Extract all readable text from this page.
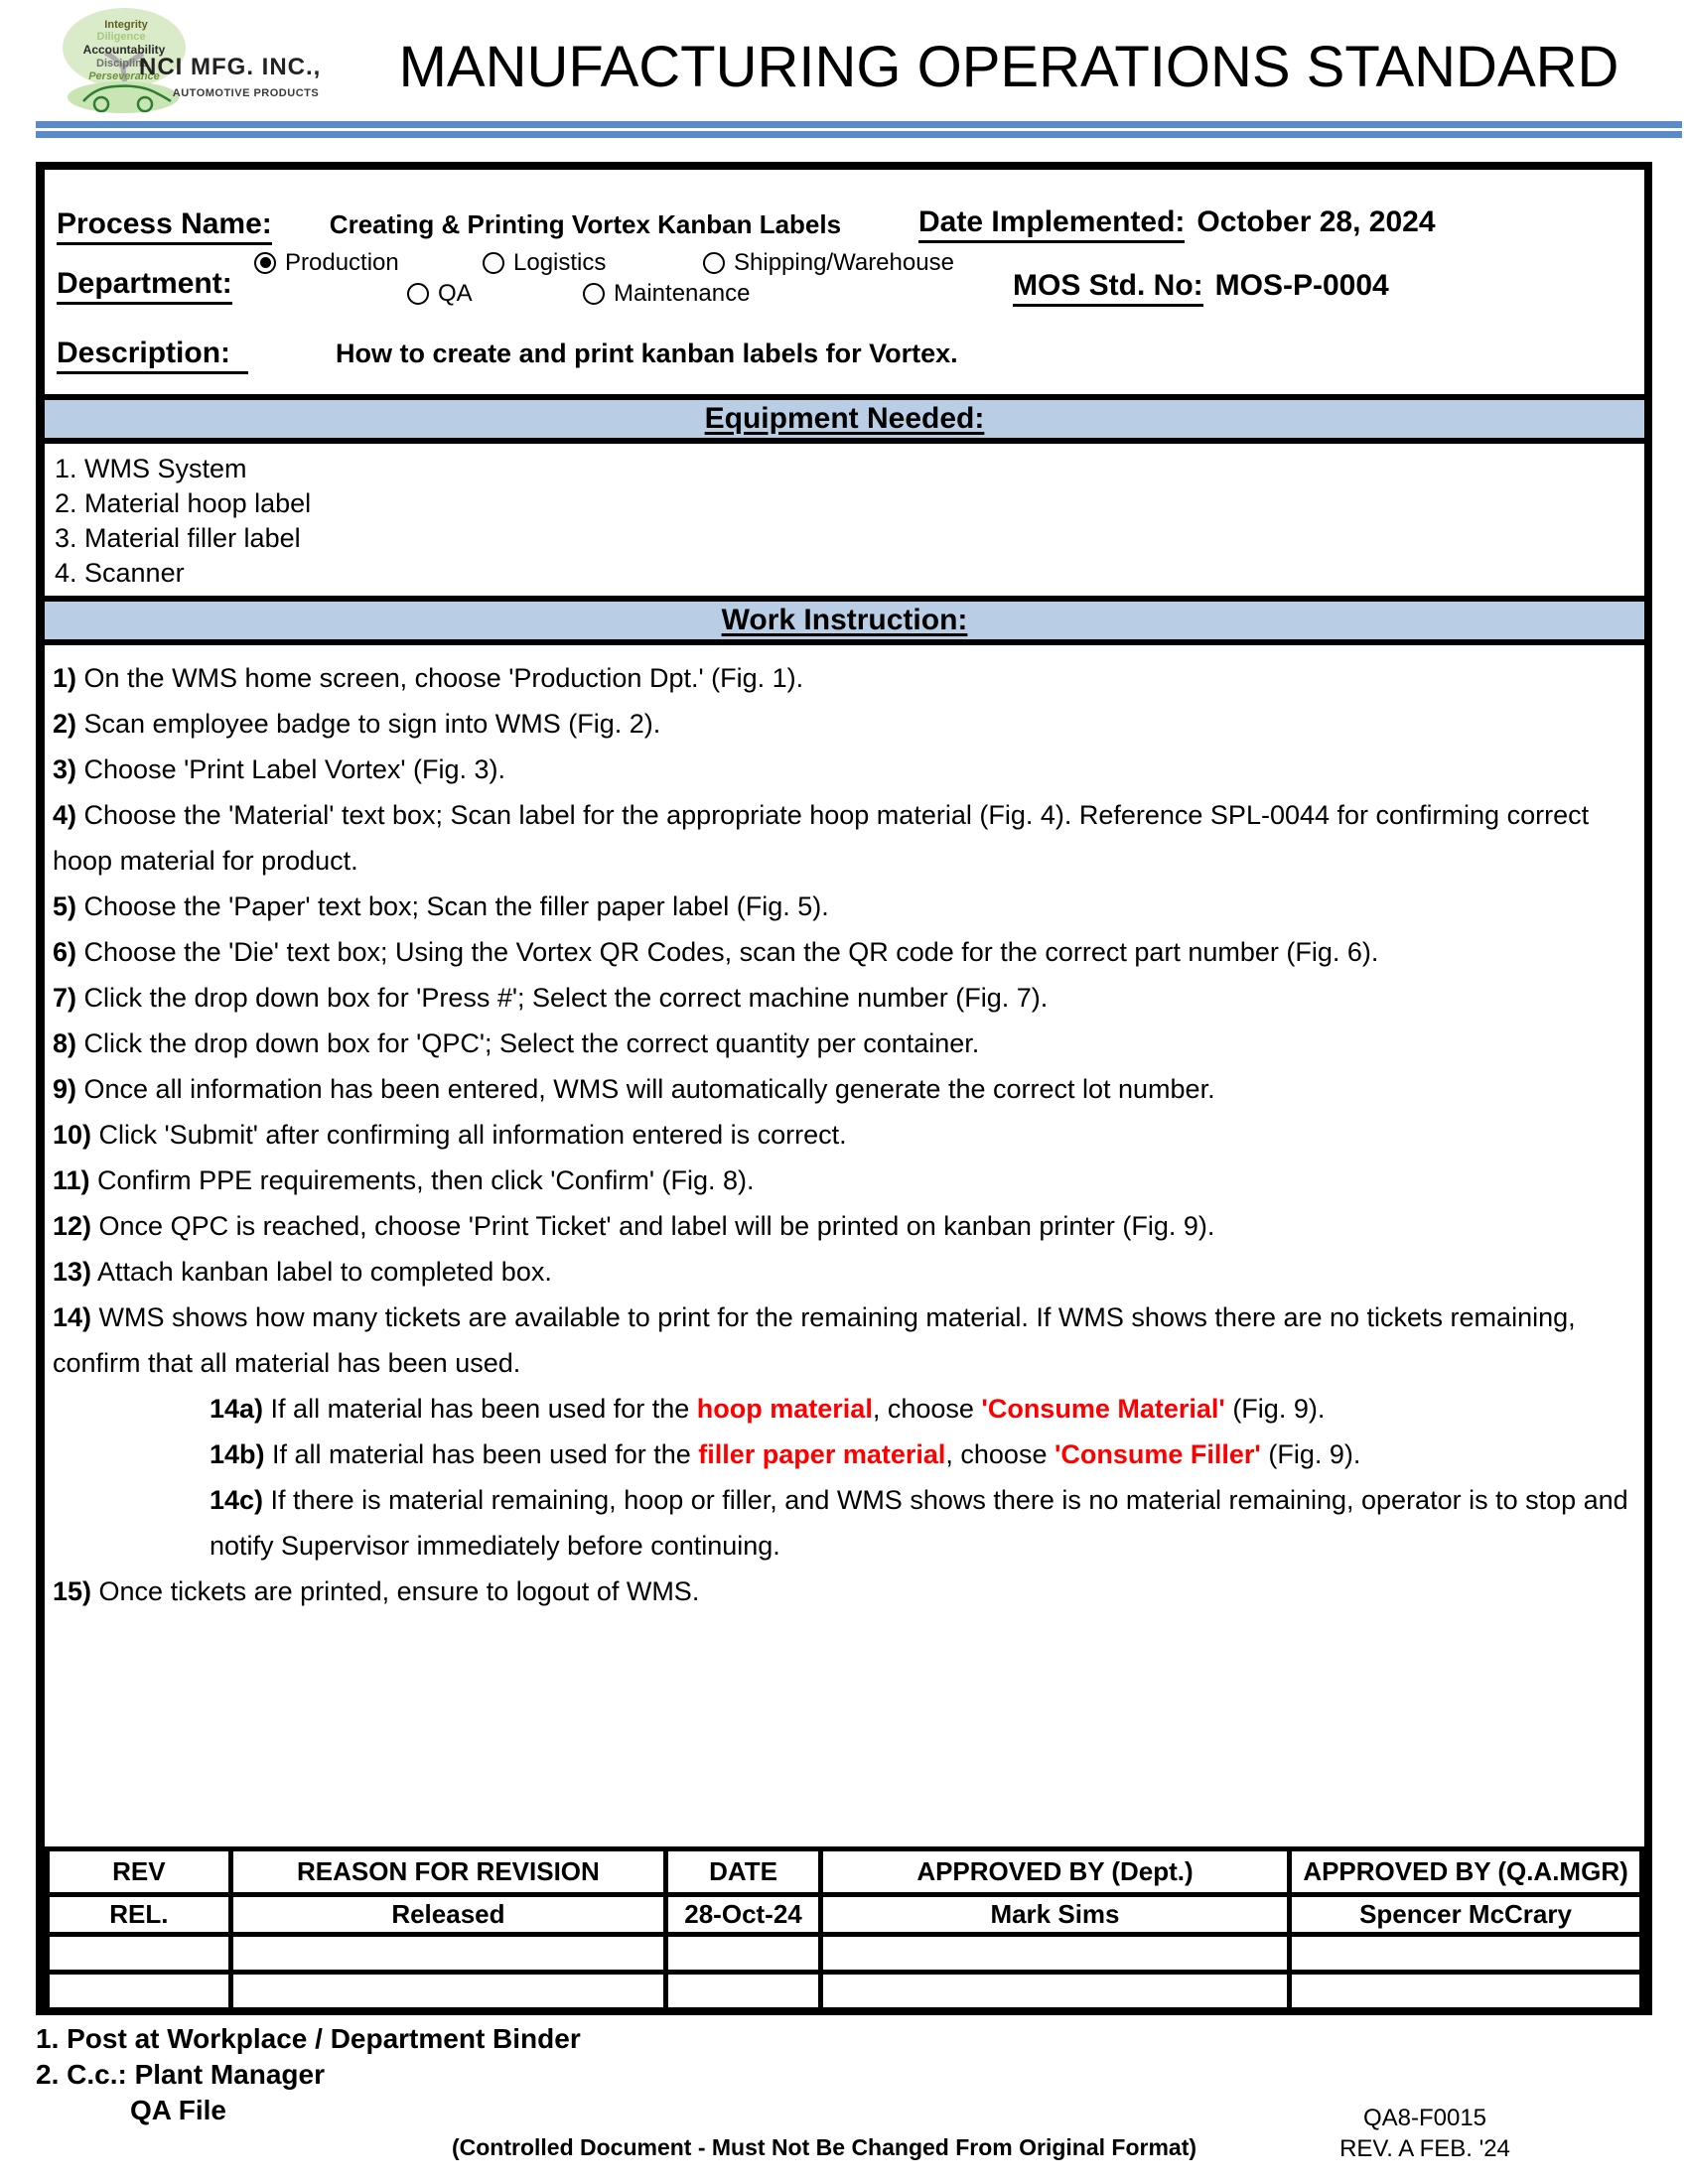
Integrity
Diligence
Accountability
Discipline
Perseverance
NCI MFG. INC.,
AUTOMOTIVE PRODUCTS	MANUFACTURING OPERATIONS STANDARD
Process Name: Creating & Printing Vortex Kanban Labels	Date Implemented: October 28, 2024
Department:
Production	Logistics	Shipping/Warehouse
QA	Maintenance	MOS Std. No: MOS-P-0004
Description:	How to create and print kanban labels for Vortex.
Equipment Needed:
1. WMS System
2. Material hoop label
3. Material filler label
4. Scanner
Work Instruction:
1) On the WMS home screen, choose 'Production Dpt.' (Fig. 1).
2) Scan employee badge to sign into WMS (Fig. 2).
3) Choose 'Print Label Vortex' (Fig. 3).
4) Choose the 'Material' text box; Scan label for the appropriate hoop material (Fig. 4). Reference SPL-0044 for confirming correct hoop material for product.
5) Choose the 'Paper' text box; Scan the filler paper label (Fig. 5).
6) Choose the 'Die' text box; Using the Vortex QR Codes, scan the QR code for the correct part number (Fig. 6).
7) Click the drop down box for 'Press #'; Select the correct machine number (Fig. 7).
8) Click the drop down box for 'QPC'; Select the correct quantity per container.
9) Once all information has been entered, WMS will automatically generate the correct lot number.
10) Click 'Submit' after confirming all information entered is correct.
11) Confirm PPE requirements, then click 'Confirm' (Fig. 8).
12) Once QPC is reached, choose 'Print Ticket' and label will be printed on kanban printer (Fig. 9).
13) Attach kanban label to completed box.
14) WMS shows how many tickets are available to print for the remaining material. If WMS shows there are no tickets remaining, confirm that all material has been used.
14a) If all material has been used for the hoop material, choose 'Consume Material' (Fig. 9).
14b) If all material has been used for the filler paper material, choose 'Consume Filler' (Fig. 9).
14c) If there is material remaining, hoop or filler, and WMS shows there is no material remaining, operator is to stop and notify Supervisor immediately before continuing.
15) Once tickets are printed, ensure to logout of WMS.
REV	REASON FOR REVISION	DATE	APPROVED BY (Dept.)	APPROVED BY (Q.A.MGR)
REL.	Released	28-Oct-24	Mark Sims	Spencer McCrary

1. Post at Workplace / Department Binder
2. C.c.: Plant Manager
QA File	QA8-F0015
REV. A FEB. '24
(Controlled Document - Must Not Be Changed From Original Format)
